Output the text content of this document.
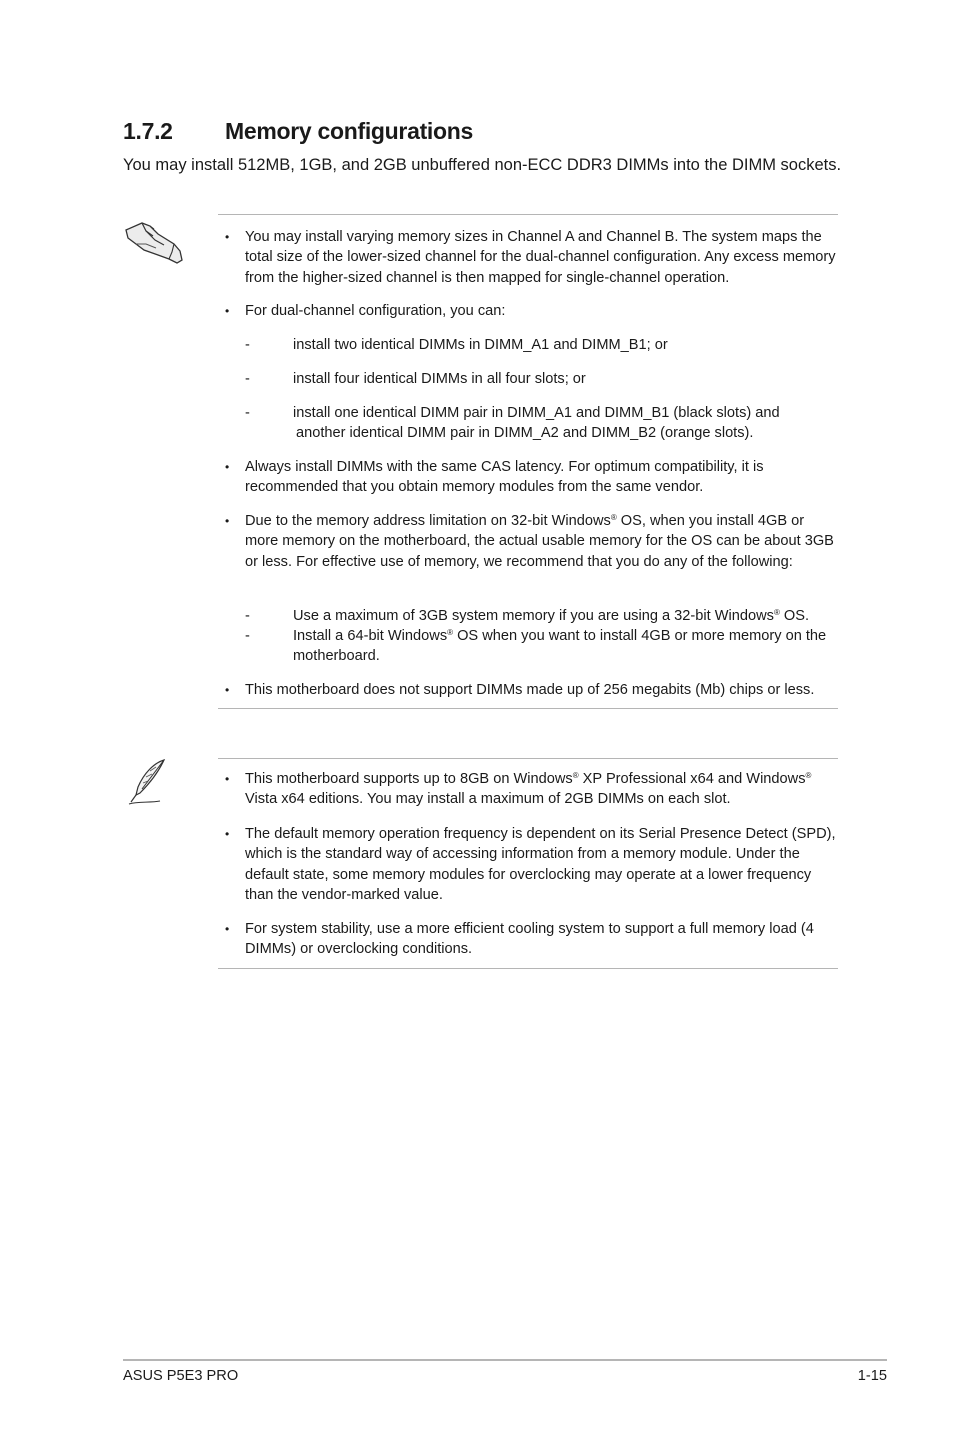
1.7.2 Memory configurations
You may install 512MB, 1GB, and 2GB unbuffered non-ECC DDR3 DIMMs into the DIMM sockets.
• You may install varying memory sizes in Channel A and Channel B. The system maps the total size of the lower-sized channel for the dual-channel configuration. Any excess memory from the higher-sized channel is then mapped for single-channel operation.
• For dual-channel configuration, you can:
-	install two identical DIMMs in DIMM_A1 and DIMM_B1; or
-	install four identical DIMMs in all four slots; or
-	install one identical DIMM pair in DIMM_A1 and DIMM_B1 (black slots) and
another identical DIMM pair in DIMM_A2 and DIMM_B2 (orange slots).
• Always install DIMMs with the same CAS latency. For optimum compatibility, it is recommended that you obtain memory modules from the same vendor.
• Due to the memory address limitation on 32-bit Windows® OS, when you install 4GB or more memory on the motherboard, the actual usable memory for the OS can be about 3GB or less. For effective use of memory, we recommend that you do any of the following:
-	Use a maximum of 3GB system memory if you are using a 32-bit Windows® OS.
-	Install a 64-bit Windows® OS when you want to install 4GB or more memory on the motherboard.
• This motherboard does not support DIMMs made up of 256 megabits (Mb) chips or less.
• This motherboard supports up to 8GB on Windows® XP Professional x64 and Windows® Vista x64 editions. You may install a maximum of 2GB DIMMs on each slot.
• The default memory operation frequency is dependent on its Serial Presence Detect (SPD), which is the standard way of accessing information from a memory module. Under the default state, some memory modules for overclocking may operate at a lower frequency than the vendor-marked value.
• For system stability, use a more efficient cooling system to support a full memory load (4 DIMMs) or overclocking conditions.
ASUS P5E3 PRO	1-15
